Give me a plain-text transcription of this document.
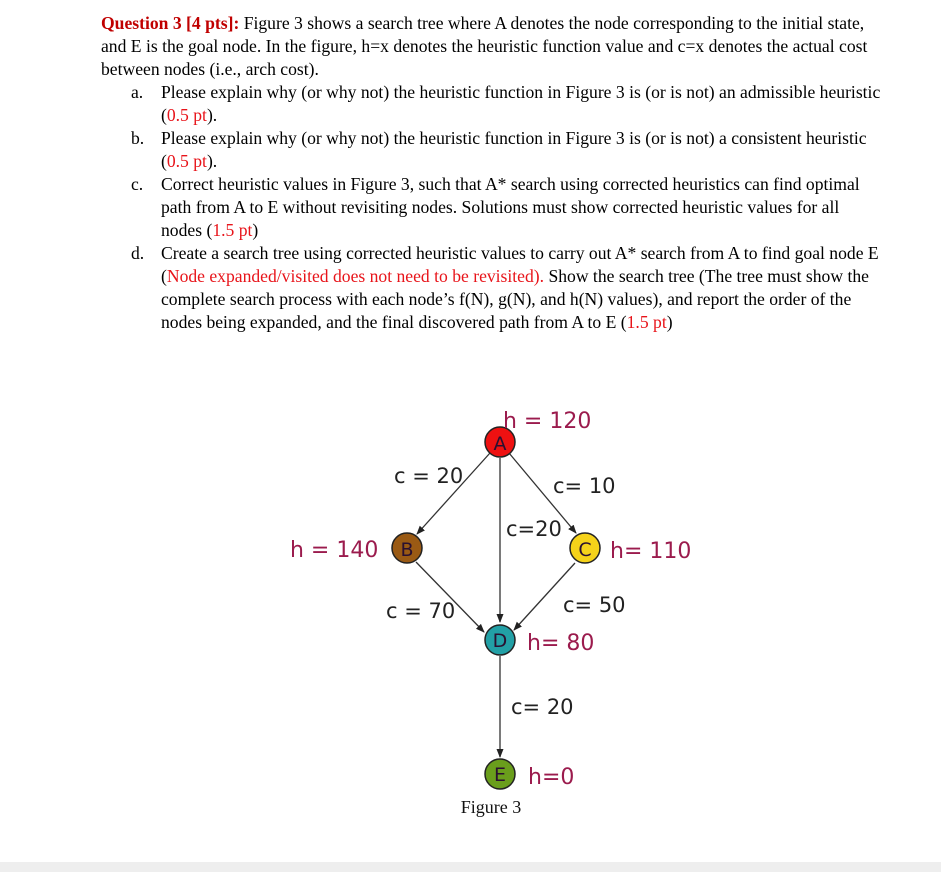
Question 3 [4 pts]: Figure 3 shows a search tree where A denotes the node corresponding to the initial state, and E is the goal node. In the figure, h=x denotes the heuristic function value and c=x denotes the actual cost between nodes (i.e., arch cost).

a. Please explain why (or why not) the heuristic function in Figure 3 is (or is not) an admissible heuristic (0.5 pt).
b. Please explain why (or why not) the heuristic function in Figure 3 is (or is not) a consistent heuristic (0.5 pt).
c. Correct heuristic values in Figure 3, such that A* search using corrected heuristics can find optimal path from A to E without revisiting nodes. Solutions must show corrected heuristic values for all nodes (1.5 pt)
d. Create a search tree using corrected heuristic values to carry out A* search from A to find goal node E (Node expanded/visited does not need to be revisited). Show the search tree (The tree must show the complete search process with each node’s f(N), g(N), and h(N) values), and report the order of the nodes being expanded, and the final discovered path from A to E (1.5 pt)
A
B	C
D
E
h = 120
h = 140	h= 110
h= 80
h=0
c = 20	c= 10
c=20
c = 70	c= 50
c= 20
Figure 3
